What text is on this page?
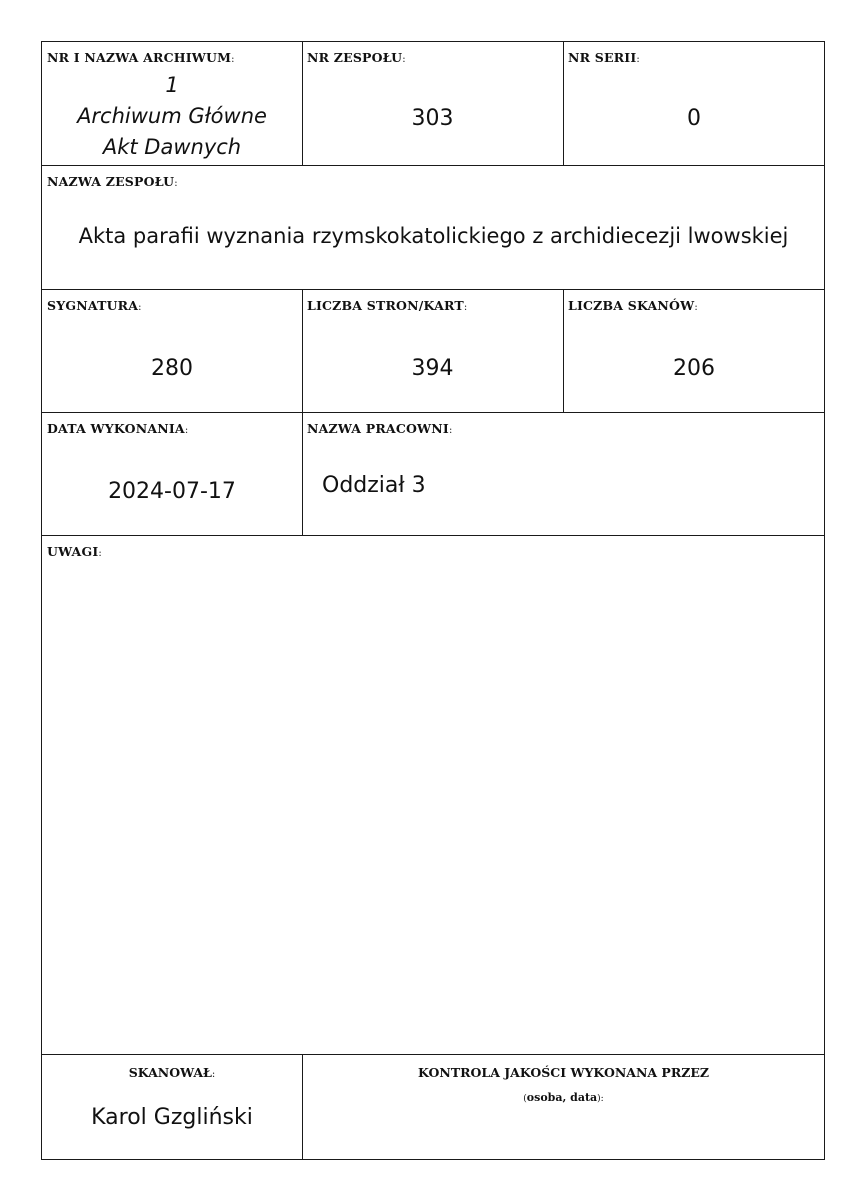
NR I NAZWA ARCHIWUM:
1
Archiwum Główne
Akt Dawnych
NR ZESPOŁU:
303
NR SERII:
0
NAZWA ZESPOŁU:
Akta parafii wyznania rzymskokatolickiego z archidiecezji lwowskiej
SYGNATURA:
280
LICZBA STRON/KART:
394
LICZBA SKANÓW:
206
DATA WYKONANIA:
2024-07-17
NAZWA PRACOWNI:
Oddział 3
UWAGI:
SKANOWAŁ:
Karol Gzgliński
KONTROLA JAKOŚCI WYKONANA PRZEZ
(osoba, data):
